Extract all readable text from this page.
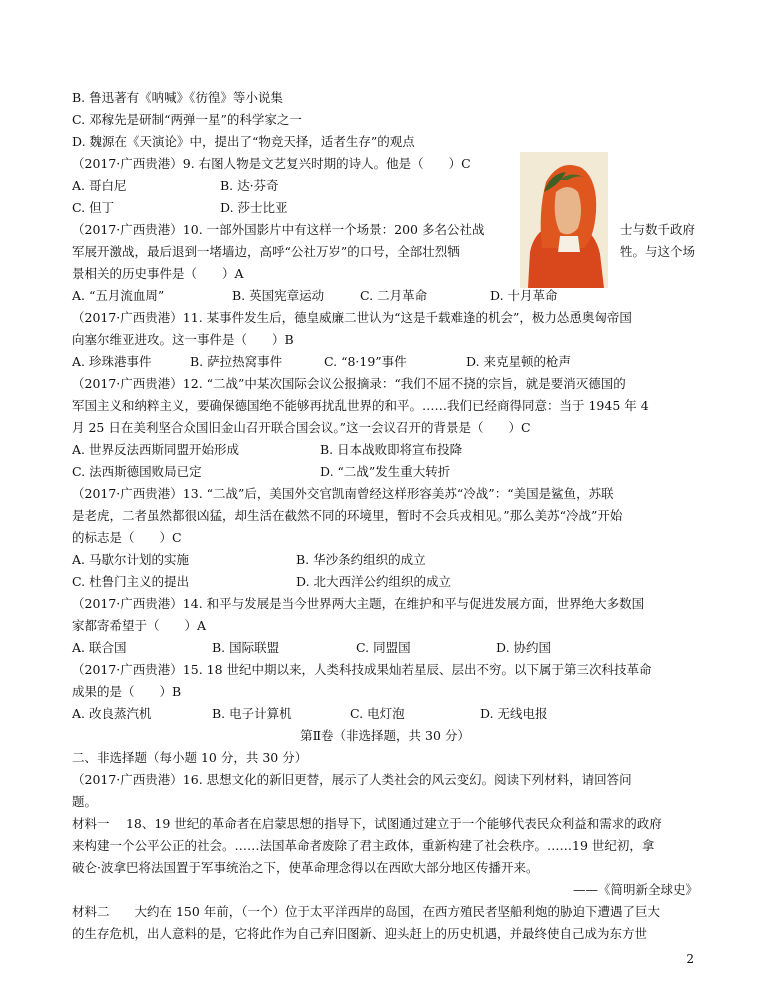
B. 鲁迅著有《呐喊》《彷徨》等小说集
C. 邓稼先是研制“两弹一星”的科学家之一
D. 魏源在《天演论》中，提出了“物竞天择，适者生存”的观点
（2017·广西贵港）9. 右图人物是文艺复兴时期的诗人。他是（　　）C
A. 哥白尼	B. 达·芬奇
C. 但丁	D. 莎士比亚
（2017·广西贵港）10. 一部外国影片中有这样一个场景：200 多名公社战	士与数千政府
军展开激战，最后退到一堵墙边，高呼“公社万岁”的口号，全部壮烈牺	牲。与这个场
景相关的历史事件是（　　）A
A. “五月流血周”	B. 英国宪章运动	C. 二月革命	D. 十月革命
（2017·广西贵港）11. 某事件发生后，德皇威廉二世认为“这是千载难逢的机会”，极力怂恿奥匈帝国
向塞尔维亚进攻。这一事件是（　　）B
A. 珍珠港事件	B. 萨拉热窝事件	C. “8·19”事件	D. 来克星顿的枪声
（2017·广西贵港）12. “二战”中某次国际会议公报摘录：“我们不屈不挠的宗旨，就是要消灭德国的
军国主义和纳粹主义，要确保德国绝不能够再扰乱世界的和平。……我们已经商得同意：当于 1945 年 4
月 25 日在美利坚合众国旧金山召开联合国会议。”这一会议召开的背景是（　　）C
A. 世界反法西斯同盟开始形成	B. 日本战败即将宣布投降
C. 法西斯德国败局已定	D. “二战”发生重大转折
（2017·广西贵港）13. “二战”后，美国外交官凯南曾经这样形容美苏“冷战”：“美国是鲨鱼，苏联
是老虎，二者虽然都很凶猛，却生活在截然不同的环境里，暂时不会兵戎相见。”那么美苏“冷战”开始
的标志是（　　）C
A. 马歇尔计划的实施	B. 华沙条约组织的成立
C. 杜鲁门主义的提出	D. 北大西洋公约组织的成立
（2017·广西贵港）14. 和平与发展是当今世界两大主题，在维护和平与促进发展方面，世界绝大多数国
家都寄希望于（　　）A
A. 联合国	B. 国际联盟	C. 同盟国	D. 协约国
（2017·广西贵港）15. 18 世纪中期以来，人类科技成果灿若星辰、层出不穷。以下属于第三次科技革命
成果的是（　　）B
A. 改良蒸汽机	B. 电子计算机	C. 电灯泡	D. 无线电报
第Ⅱ卷（非选择题，共 30 分）
二、非选择题（每小题 10 分，共 30 分）
（2017·广西贵港）16. 思想文化的新旧更替，展示了人类社会的风云变幻。阅读下列材料，请回答问
题。
材料一　 18、19 世纪的革命者在启蒙思想的指导下，试图通过建立于一个能够代表民众利益和需求的政府
来构建一个公平公正的社会。……法国革命者废除了君主政体，重新构建了社会秩序。……19 世纪初，拿
破仑·波拿巴将法国置于军事统治之下，使革命理念得以在西欧大部分地区传播开来。
——《简明新全球史》
材料二　　大约在 150 年前，（一个）位于太平洋西岸的岛国，在西方殖民者坚船利炮的胁迫下遭遇了巨大
的生存危机，出人意料的是，它将此作为自己弃旧图新、迎头赶上的历史机遇，并最终使自己成为东方世
2
